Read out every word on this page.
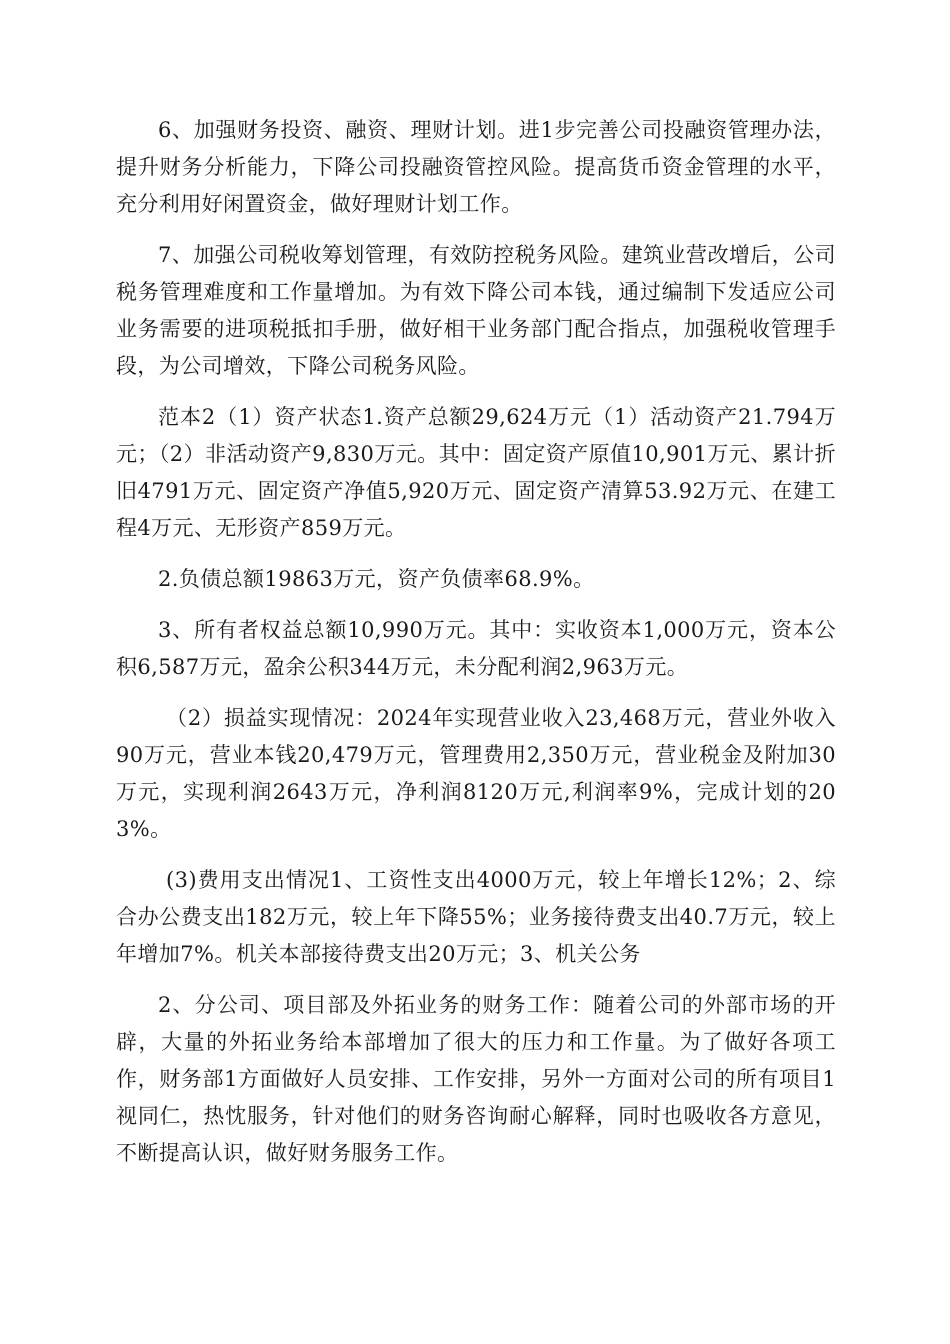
6、加强财务投资、融资、理财计划。进1步完善公司投融资管理办法，提升财务分析能力，下降公司投融资管控风险。提高货币资金管理的水平，充分利用好闲置资金，做好理财计划工作。

7、加强公司税收筹划管理，有效防控税务风险。建筑业营改增后，公司税务管理难度和工作量增加。为有效下降公司本钱，通过编制下发适应公司业务需要的进项税抵扣手册，做好相干业务部门配合指点，加强税收管理手段，为公司增效，下降公司税务风险。

范本2（1）资产状态1.资产总额29,624万元（1）活动资产21.794万元；（2）非活动资产9,830万元。其中：固定资产原值10,901万元、累计折旧4791万元、固定资产净值5,920万元、固定资产清算53.92万元、在建工程4万元、无形资产859万元。

2.负债总额19863万元，资产负债率68.9%。

3、所有者权益总额10,990万元。其中：实收资本1,000万元，资本公积6,587万元，盈余公积344万元，未分配利润2,963万元。

（2）损益实现情况：2024年实现营业收入23,468万元，营业外收入90万元，营业本钱20,479万元，管理费用2,350万元，营业税金及附加30万元，实现利润2643万元，净利润8120万元,利润率9%，完成计划的203%。

(3)费用支出情况1、工资性支出4000万元，较上年增长12%；2、综合办公费支出182万元，较上年下降55%；业务接待费支出40.7万元，较上年增加7%。机关本部接待费支出20万元；3、机关公务

2、分公司、项目部及外拓业务的财务工作：随着公司的外部市场的开辟，大量的外拓业务给本部增加了很大的压力和工作量。为了做好各项工作，财务部1方面做好人员安排、工作安排，另外一方面对公司的所有项目1视同仁，热忱服务，针对他们的财务咨询耐心解释，同时也吸收各方意见，不断提高认识，做好财务服务工作。
